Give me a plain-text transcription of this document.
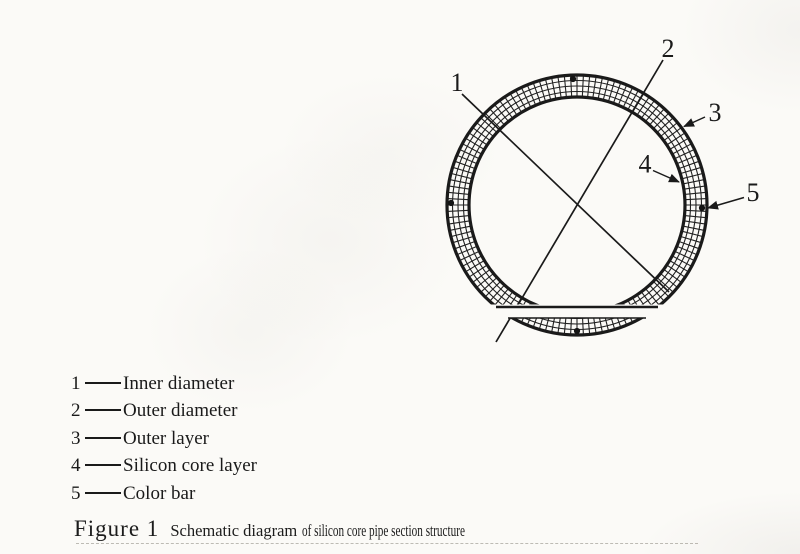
1
2
3
4
5
1 Inner diameter
2 Outer diameter
3 Outer layer
4 Silicon core layer
5 Color bar
Figure 1 Schematic diagram of silicon core pipe section structure
